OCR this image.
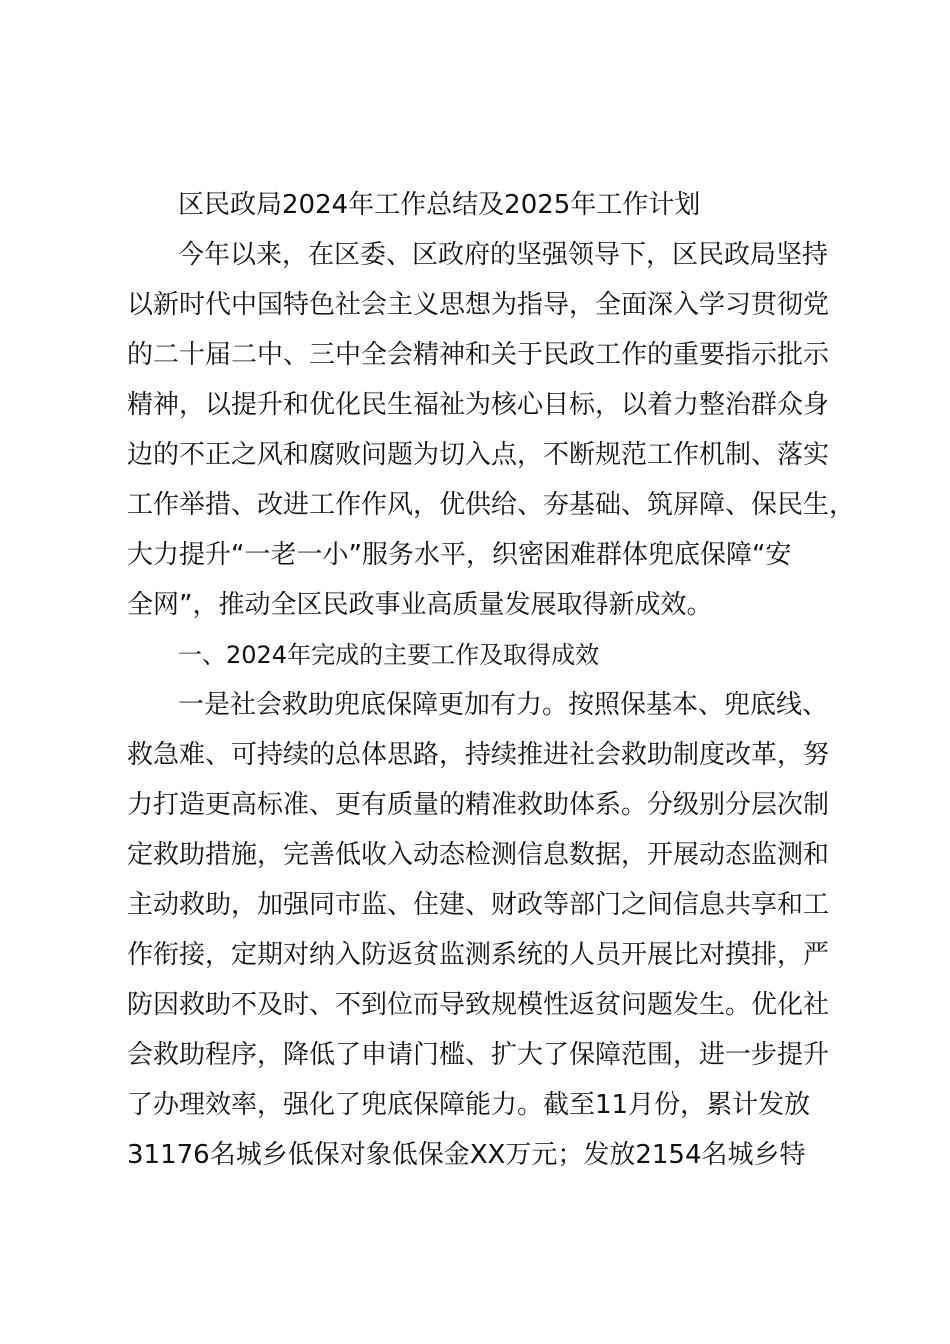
区民政局2024年工作总结及2025年工作计划
今年以来，在区委、区政府的坚强领导下，区民政局坚持
以新时代中国特色社会主义思想为指导，全面深入学习贯彻党
的二十届二中、三中全会精神和关于民政工作的重要指示批示
精神，以提升和优化民生福祉为核心目标，以着力整治群众身
边的不正之风和腐败问题为切入点，不断规范工作机制、落实
工作举措、改进工作作风，优供给、夯基础、筑屏障、保民生，
大力提升“一老一小”服务水平，织密困难群体兜底保障“安
全网”，推动全区民政事业高质量发展取得新成效。
一、2024年完成的主要工作及取得成效
一是社会救助兜底保障更加有力。按照保基本、兜底线、
救急难、可持续的总体思路，持续推进社会救助制度改革，努
力打造更高标准、更有质量的精准救助体系。分级别分层次制
定救助措施，完善低收入动态检测信息数据，开展动态监测和
主动救助，加强同市监、住建、财政等部门之间信息共享和工
作衔接，定期对纳入防返贫监测系统的人员开展比对摸排，严
防因救助不及时、不到位而导致规模性返贫问题发生。优化社
会救助程序，降低了申请门槛、扩大了保障范围，进一步提升
了办理效率，强化了兜底保障能力。截至11月份，累计发放
31176名城乡低保对象低保金XX万元；发放2154名城乡特
